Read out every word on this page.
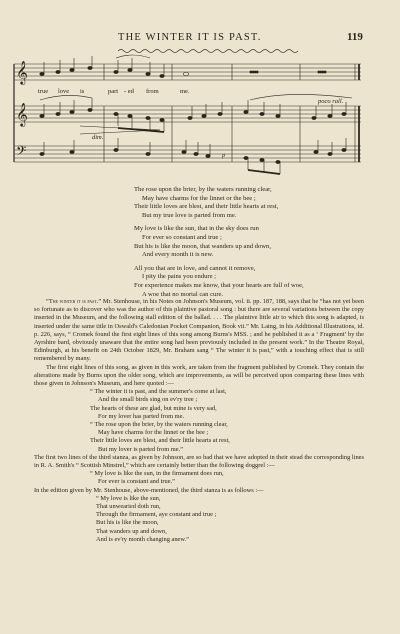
THE WINTER IT IS PAST.	119
𝄞
𝄞
𝄢
true love is	part - ed from	me.
dim.
poco rall.
p
The rose upon the brier, by the waters running clear,
May have charms for the linnet or the bee ;
Their little loves are blest, and their little hearts at rest,
But my true love is parted from me.
My love is like the sun, that in the sky does run
For ever so constant and true ;
But his is like the moon, that wanders up and down,
And every month it is new.
All you that are in love, and cannot it remove,
I pity the pains you endure ;
For experience makes me know, that your hearts are full of woe,
A woe that no mortal can cure.

“The winter it is past.” Mr. Stenhouse, in his Notes on Johnson's Museum, vol. ii. pp. 187, 188, says that he “has not yet been so fortunate as to discover who was the author of this plaintive pastoral song : but there are several variations between the copy inserted in the Museum, and the following stall edition of the ballad. . . . The plaintive little air to which this song is adapted, is inserted under the same title in Oswald's Caledonian Pocket Companion, Book vii.” Mr. Laing, in his Additional Illustrations, id. p. 226, says, “ Cromek found the first eight lines of this song among Burns's MSS. ; and he published it as a ‘ Fragment’ by the Ayrshire bard, obviously unaware that the entire song had been previously included in the present work.” In the Theatre Royal, Edinburgh, at his benefit on 24th October 1829, Mr. Braham sang “ The winter it is past,” with a touching effect that is still remembered by many.

The first eight lines of this song, as given in this work, are taken from the fragment published by Cromek. They contain the alterations made by Burns upon the older song, which are improvements, as will be perceived upon comparing these lines with those given in Johnson's Museum, and here quoted :—

“ The winter it is past, and the summer's come at last,
And the small birds sing on ev'ry tree ;
The hearts of these are glad, but mine is very sad,
For my lover has parted from me.
“ The rose upon the brier, by the waters running clear,
May have charms for the linnet or the bee ;
Their little loves are blest, and their little hearts at rest,
But my lover is parted from me.”

The first two lines of the third stanza, as given by Johnson, are so bad that we have adopted in their stead the corresponding lines in R. A. Smith's “ Scottish Minstrel,” which are certainly better than the following doggrel :—

“ My love is like the sun, in the firmament does run,
For ever is constant and true.”

In the edition given by Mr. Stenhouse, above-mentioned, the third stanza is as follows :—

“ My love is like the sun,
That unwearied doth run,
Through the firmament, aye constant and true ;
But his is like the moon,
That wanders up and down,
And is ev'ry month changing anew.”
